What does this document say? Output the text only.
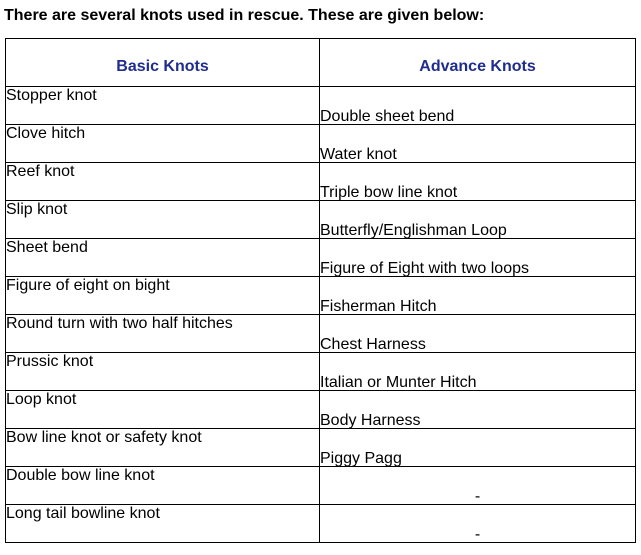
There are several knots used in rescue. These are given below:
Basic Knots	Advance Knots
Stopper knot	Double sheet bend
Clove hitch	Water knot
Reef knot	Triple bow line knot
Slip knot	Butterfly/Englishman Loop
Sheet bend	Figure of Eight with two loops
Figure of eight on bight	Fisherman Hitch
Round turn with two half hitches	Chest Harness
Prussic knot	Italian or Munter Hitch
Loop knot	Body Harness
Bow line knot or safety knot	Piggy Pagg
Double bow line knot	-
Long tail bowline knot	-
